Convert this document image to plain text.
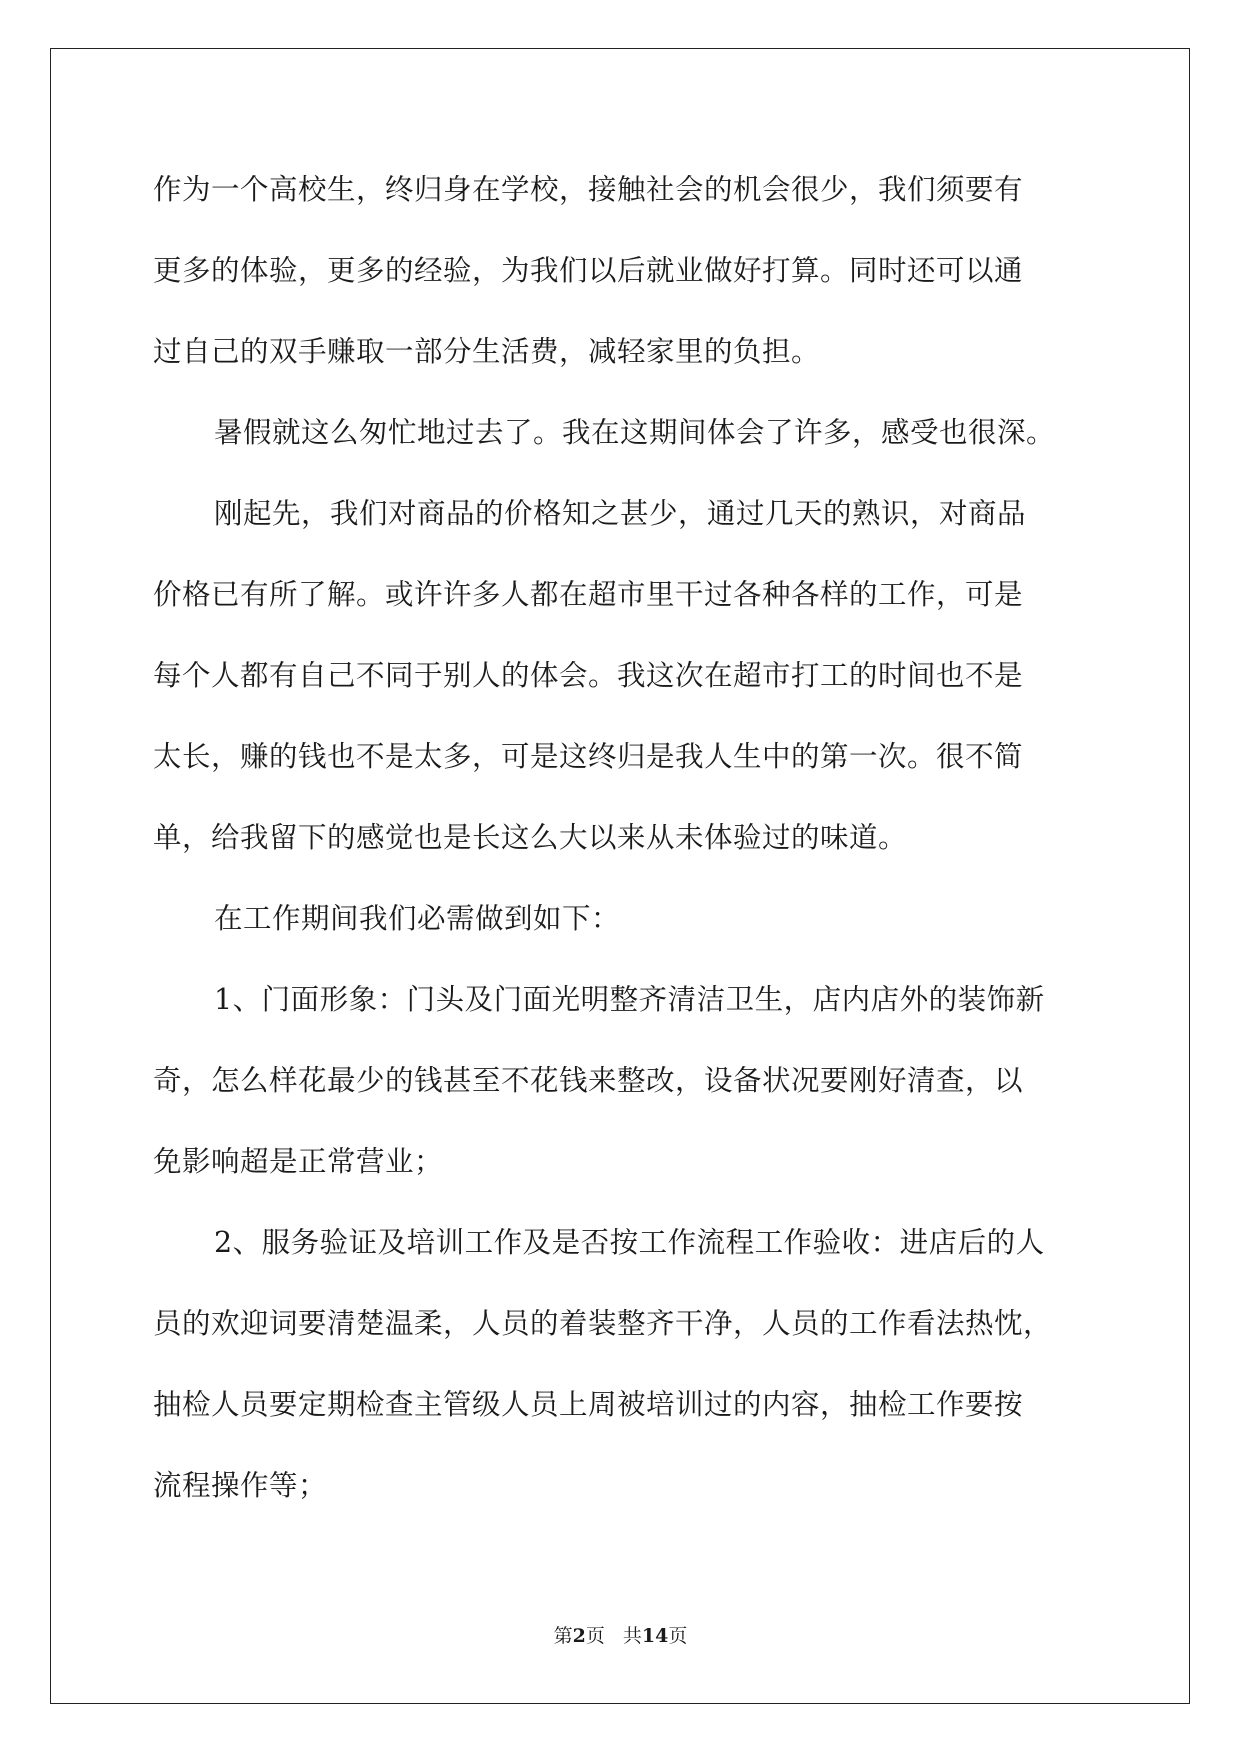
作为一个高校生，终归身在学校，接触社会的机会很少，我们须要有
更多的体验，更多的经验，为我们以后就业做好打算。同时还可以通
过自己的双手赚取一部分生活费，减轻家里的负担。
暑假就这么匆忙地过去了。我在这期间体会了许多，感受也很深。
刚起先，我们对商品的价格知之甚少，通过几天的熟识，对商品
价格已有所了解。或许许多人都在超市里干过各种各样的工作，可是
每个人都有自己不同于别人的体会。我这次在超市打工的时间也不是
太长，赚的钱也不是太多，可是这终归是我人生中的第一次。很不简
单，给我留下的感觉也是长这么大以来从未体验过的味道。
在工作期间我们必需做到如下：
1、门面形象：门头及门面光明整齐清洁卫生，店内店外的装饰新
奇，怎么样花最少的钱甚至不花钱来整改，设备状况要刚好清查，以
免影响超是正常营业；
2、服务验证及培训工作及是否按工作流程工作验收：进店后的人
员的欢迎词要清楚温柔，人员的着装整齐干净，人员的工作看法热忱，
抽检人员要定期检查主管级人员上周被培训过的内容，抽检工作要按
流程操作等；
第2页 共14页
